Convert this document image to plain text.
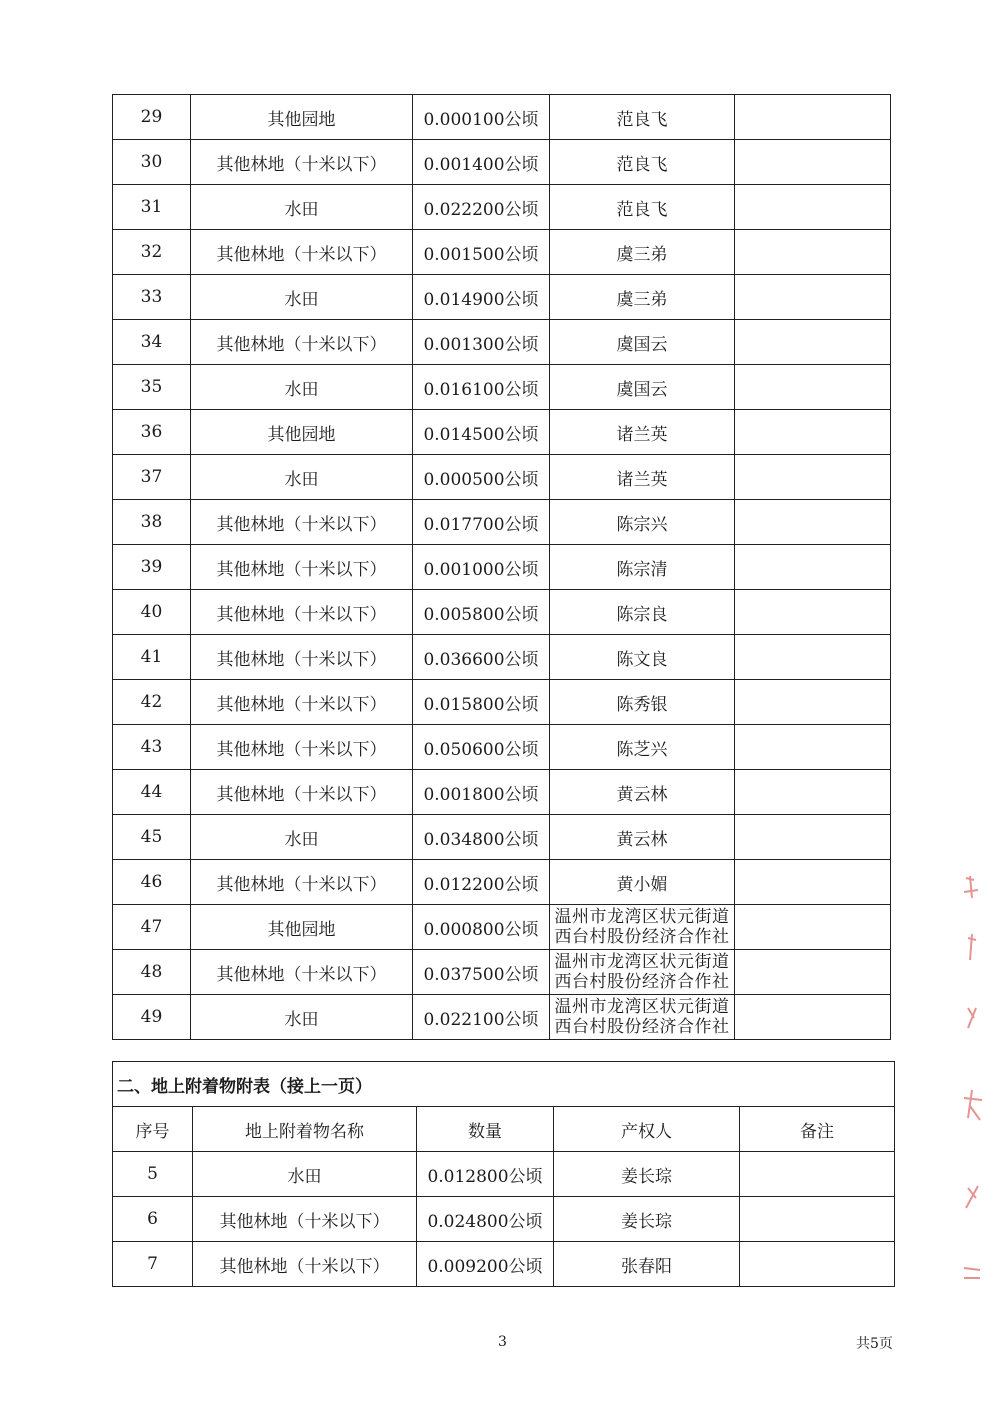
29	其他园地	0.000100公顷	范良飞	
30	其他林地（十米以下）	0.001400公顷	范良飞	
31	水田	0.022200公顷	范良飞	
32	其他林地（十米以下）	0.001500公顷	虞三弟	
33	水田	0.014900公顷	虞三弟	
34	其他林地（十米以下）	0.001300公顷	虞国云	
35	水田	0.016100公顷	虞国云	
36	其他园地	0.014500公顷	诸兰英	
37	水田	0.000500公顷	诸兰英	
38	其他林地（十米以下）	0.017700公顷	陈宗兴	
39	其他林地（十米以下）	0.001000公顷	陈宗清	
40	其他林地（十米以下）	0.005800公顷	陈宗良	
41	其他林地（十米以下）	0.036600公顷	陈文良	
42	其他林地（十米以下）	0.015800公顷	陈秀银	
43	其他林地（十米以下）	0.050600公顷	陈芝兴	
44	其他林地（十米以下）	0.001800公顷	黄云林	
45	水田	0.034800公顷	黄云林	
46	其他林地（十米以下）	0.012200公顷	黄小媚	
47	其他园地	0.000800公顷	温州市龙湾区状元街道
西台村股份经济合作社	

48	其他林地（十米以下）	0.037500公顷	温州市龙湾区状元街道
西台村股份经济合作社	

49	水田	0.022100公顷	温州市龙湾区状元街道
西台村股份经济合作社	

二、地上附着物附表（接上一页）				
序号	地上附着物名称	数量	产权人	备注
5	水田	0.012800公顷	姜长琮	
6	其他林地（十米以下）	0.024800公顷	姜长琮	
7	其他林地（十米以下）	0.009200公顷	张春阳	
3	共5页
